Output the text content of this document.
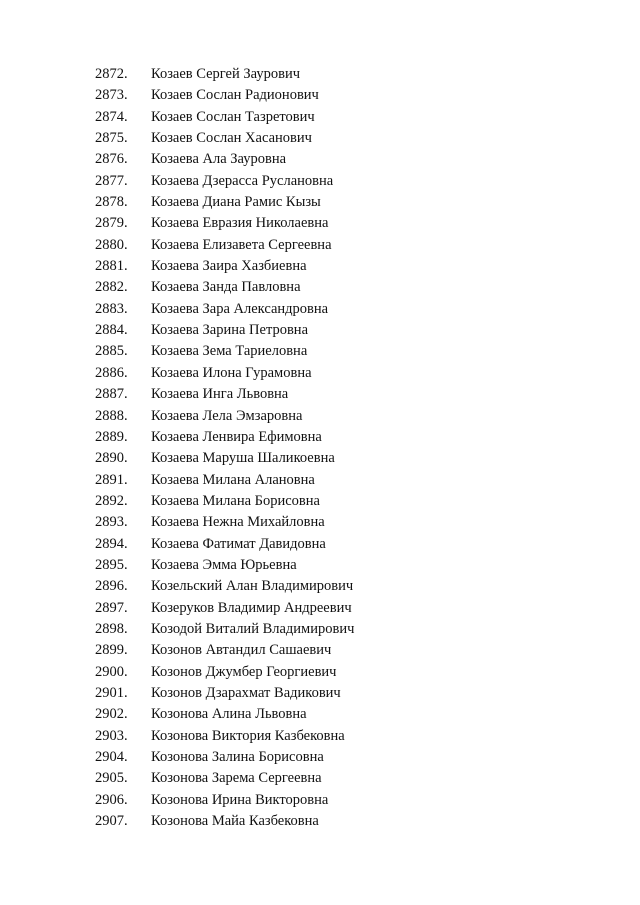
2872.	Козаев Сергей Заурович
2873.	Козаев Сослан Радионович
2874.	Козаев Сослан Тазретович
2875.	Козаев Сослан Хасанович
2876.	Козаева Ала Зауровна
2877.	Козаева Дзерасса Руслановна
2878.	Козаева Диана Рамис Кызы
2879.	Козаева Евразия Николаевна
2880.	Козаева Елизавета Сергеевна
2881.	Козаева Заира Хазбиевна
2882.	Козаева Занда Павловна
2883.	Козаева Зара Александровна
2884.	Козаева Зарина Петровна
2885.	Козаева Зема Тариеловна
2886.	Козаева Илона Гурамовна
2887.	Козаева Инга Львовна
2888.	Козаева Лела Эмзаровна
2889.	Козаева Ленвира Ефимовна
2890.	Козаева Маруша Шаликоевна
2891.	Козаева Милана Алановна
2892.	Козаева Милана Борисовна
2893.	Козаева Нежна Михайловна
2894.	Козаева Фатимат Давидовна
2895.	Козаева Эмма Юрьевна
2896.	Козельский Алан Владимирович
2897.	Козеруков Владимир Андреевич
2898.	Козодой Виталий Владимирович
2899.	Козонов Автандил Сашаевич
2900.	Козонов Джумбер Георгиевич
2901.	Козонов Дзарахмат Вадикович
2902.	Козонова Алина Львовна
2903.	Козонова Виктория Казбековна
2904.	Козонова Залина Борисовна
2905.	Козонова Зарема Сергеевна
2906.	Козонова Ирина Викторовна
2907.	Козонова Майа Казбековна
